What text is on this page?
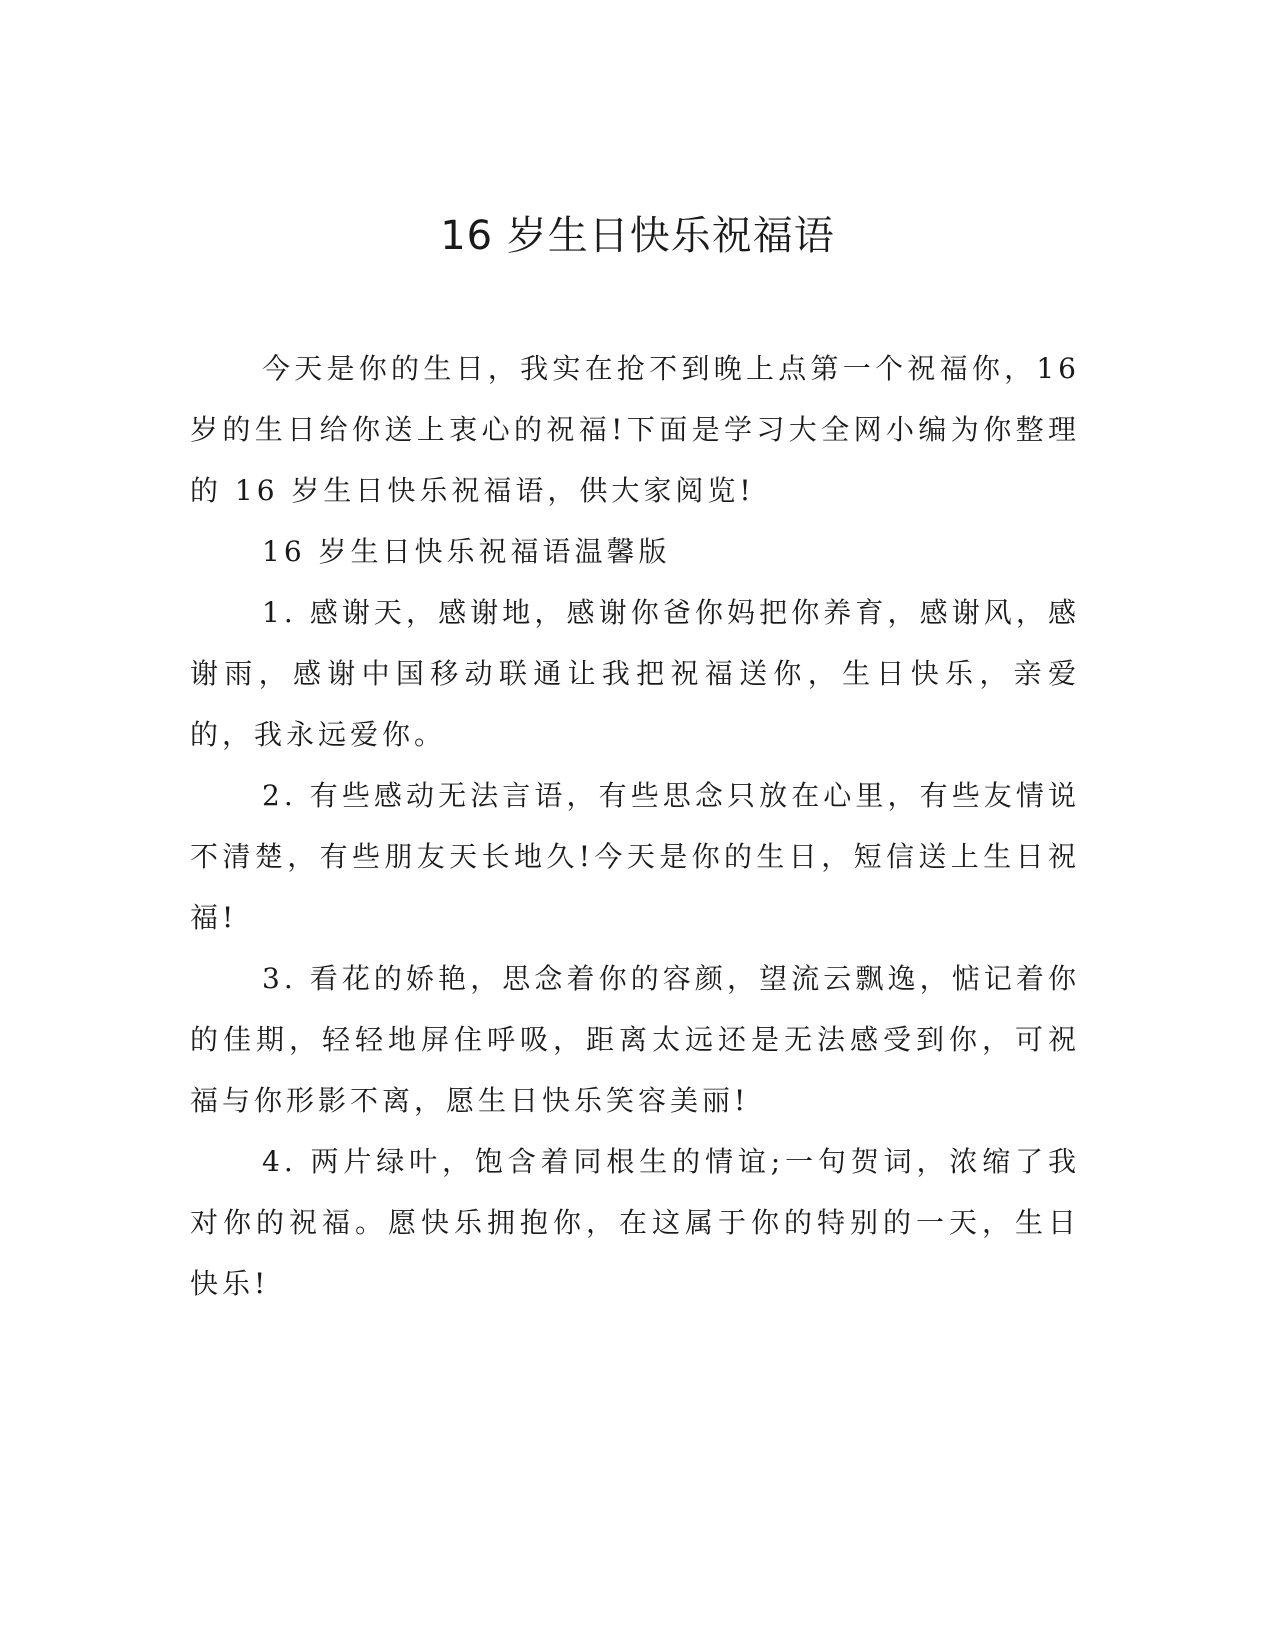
16 岁生日快乐祝福语

今天是你的生日，我实在抢不到晚上点第一个祝福你，16 岁的生日给你送上衷心的祝福!下面是学习大全网小编为你整理的 16 岁生日快乐祝福语，供大家阅览!

16 岁生日快乐祝福语温馨版

1. 感谢天，感谢地，感谢你爸你妈把你养育，感谢风，感谢雨，感谢中国移动联通让我把祝福送你，生日快乐，亲爱的，我永远爱你。

2. 有些感动无法言语，有些思念只放在心里，有些友情说不清楚，有些朋友天长地久!今天是你的生日，短信送上生日祝福!

3. 看花的娇艳，思念着你的容颜，望流云飘逸，惦记着你的佳期，轻轻地屏住呼吸，距离太远还是无法感受到你，可祝福与你形影不离，愿生日快乐笑容美丽!

4. 两片绿叶，饱含着同根生的情谊;一句贺词，浓缩了我对你的祝福。愿快乐拥抱你，在这属于你的特别的一天，生日快乐!
